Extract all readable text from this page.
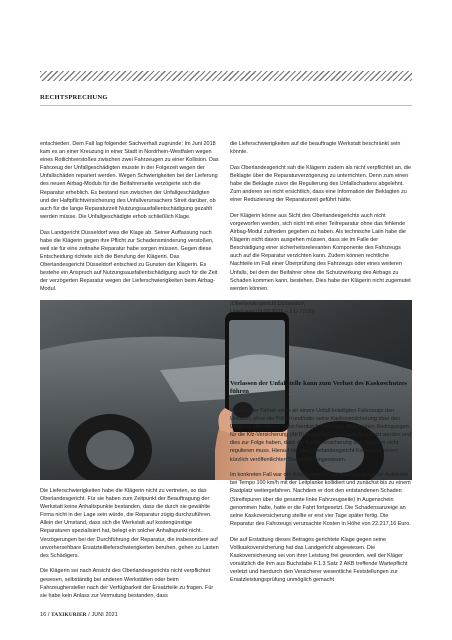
RECHTSPRECHUNG

entschieden. Dem Fall lag folgender Sachverhalt zugrunde: Im Juni 2018 kam es an einer Kreuzung in einer Stadt in Nordrhein-Westfalen wegen eines Rotlichtverstoßes zwischen zwei Fahrzeugen zu einer Kollision. Das Fahrzeug der Unfallgeschädigten musste in der Folgezeit wegen der Unfallschäden repariert werden. Wegen Schwierigkeiten bei der Lieferung des neuen Airbag-Moduls für die Beifahrerseite verzögerte sich die Reparatur erheblich. Es bestand nun zwischen der Unfallgeschädigten und der Haftpflichtversicherung des Unfallverursachers Streit darüber, ob auch für die lange Reparaturzeit Nutzungsausfallentschädigung gezahlt werden müsse. Die Unfallgeschädigte erhob schließlich Klage.

Das Landgericht Düsseldorf wies die Klage ab. Seiner Auffassung nach habe die Klägerin gegen ihre Pflicht zur Schadensminderung verstoßen, weil sie für eine zeitnahe Reparatur habe sorgen müssen. Gegen diese Entscheidung richtete sich die Berufung der Klägerin. Das Oberlandesgericht Düsseldorf entschied zu Gunsten der Klägerin. Es bestehe ein Anspruch auf Nutzungsausfallentschädigung auch für die Zeit der verzögerten Reparatur wegen der Lieferschwierigkeiten beim Airbag-Modul.

Die Lieferschwierigkeiten habe die Klägerin nicht zu vertreten, so das Oberlandesgericht. Für sie haben zum Zeitpunkt der Beauftragung der Werkstatt keine Anhaltspunkte bestanden, dass die durch sie gewählte Firma nicht in der Lage sein würde, die Reparatur zügig durchzuführen. Allein der Umstand, dass sich die Werkstatt auf kostengünstige Reparaturen spezialisiert hat, belegt ein solcher Anhaltspunkt nicht. Verzögerungen bei der Durchführung der Reparatur, die insbesondere auf unvorhersehbare Ersatzteillieferschwierigkeiten beruhen, gehen zu Lasten des Schädigers.

Die Klägerin sei nach Ansicht des Oberlandesgerichts nicht verpflichtet gewesen, selbständig bei anderen Werkstätten oder beim Fahrzeughersteller nach der Verfügbarkeit der Ersatzteile zu fragen. Für sie habe kein Anlass zur Vermutung bestanden, dass

die Lieferschwierigkeiten auf die beauftragte Werkstatt beschränkt sein könnte.

Das Oberlandesgericht sah die Klägerin zudem als nicht verpflichtet an, die Beklagte über die Reparaturverzögerung zu unterrichten. Denn zum einen habe die Beklagte zuvor die Regulierung des Unfallschadens abgelehnt. Zum anderen sei nicht ersichtlich, dass eine Information der Beklagten zu einer Reduzierung der Reparaturzeit geführt hätte.

Der Klägerin könne aus Sicht des Oberlandesgerichts auch nicht vorgeworfen werden, sich nicht mit einer Teilreparatur ohne das fehlende Airbag-Modul zufrieden gegeben zu haben. Als technische Laiin habe die Klägerin nicht davon ausgehen müssen, dass sie im Falle der Beschädigung einer sicherheitsrelevanten Komponente des Fahrzeugs auch auf die Reparatur verzichten kann. Zudem können rechtliche Nachteile im Fall einer Überprüfung des Fahrzeugs oder eines weiteren Unfalls, bei dem der Beifahrer ohne die Schutzwirkung des Airbags zu Schaden kommen kann, bestehen. Dies habe der Klägerin nicht zugemutet werden können.

(Oberlandesgericht Düsseldorf,
Urteil vom 09.03.2021 – 1 U 77/20)

Verlassen der Unfallstelle kann zum Verlust des Kaskoschutzes führen

Verlässt der Fahrer eines an einem Unfall beteiligten Fahrzeugs den Unfallort, ohne die Polizei und/oder seine Kaskoversicherung über den Unfall zu informieren, kann hierdurch die in den Allgemeinen Bedingungen für die Kfz-Versicherung (AKB) festgelegte Wartepflicht verletzt werden und dies zur Folge haben, dass die Kaskoversicherung den Schaden nicht regulieren muss. Hierauf hat das Oberlandesgericht Koblenz in einem kürzlich veröffentlichten Beschluss hingewiesen.

Im konkreten Fall war der Kläger ohne Fremdeinwirkung auf der Autobahn bei Tempo 100 km/h mit der Leitplanke kollidiert und zunächst bis zu einem Rastplatz weitergefahren. Nachdem er dort den entstandenen Schaden (Streifspuren über die gesamte linke Fahrzeugseite) in Augenschein genommen hatte, hatte er die Fahrt fortgesetzt. Die Schadensanzeige an seine Kaskoversicherung stellte er erst vier Tage später fertig. Die Reparatur des Fahrzeugs verursachte Kosten in Höhe von 22.217,16 Euro.

Die auf Erstattung dieses Betrages gerichtete Klage gegen seine Vollkaskoversicherung hat das Landgericht abgewiesen. Die Kaskoversicherung sei von ihrer Leistung frei geworden, weil der Kläger vorsätzlich die ihm aus Buchstabe F.1.3 Satz 2 AKB treffende Wartepflicht verletzt und hierdurch den Versicherer wesentliche Feststellungen zur Ersatzleistungsprüfung unmöglich gemacht

16 / TAXIKURIER / JUNI 2021
